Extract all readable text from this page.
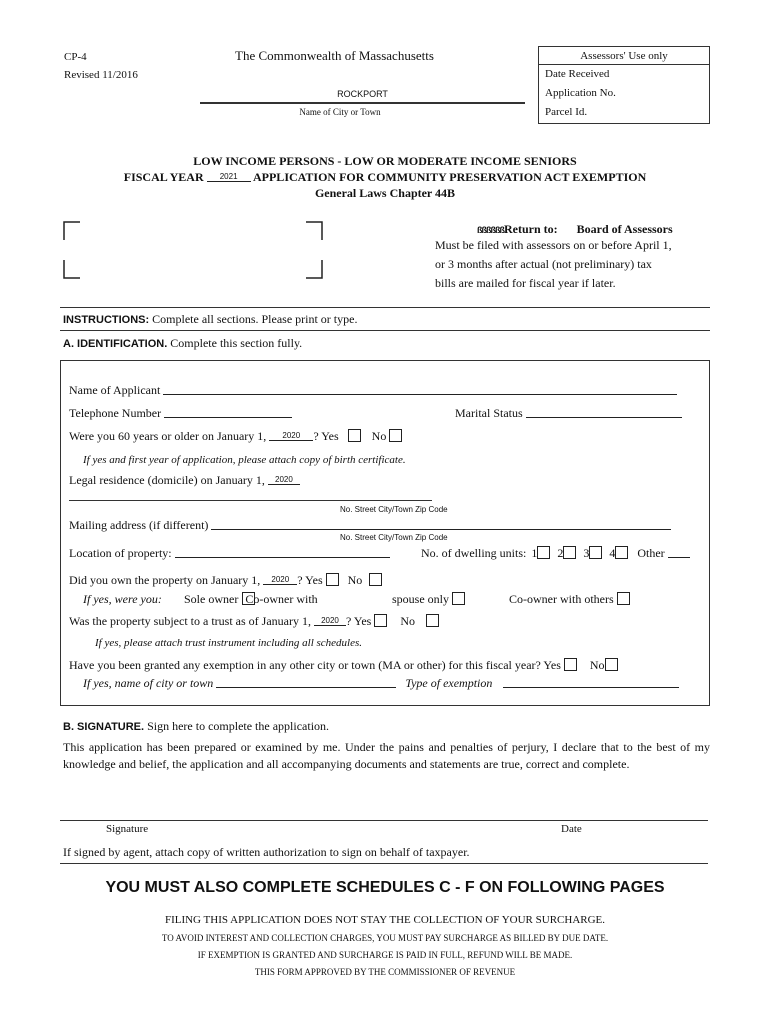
CP-4
Revised 11/2016
The Commonwealth of Massachusetts
ROCKPORT
Name of City or Town
Assessors' Use only
Date Received
Application No.
Parcel Id.
LOW INCOME PERSONS - LOW OR MODERATE INCOME SENIORS
FISCAL YEAR 2021 APPLICATION FOR COMMUNITY PRESERVATION ACT EXEMPTION
General Laws Chapter 44B
ßßßßßßReturn to: Board of Assessors
Must be filed with assessors on or before April 1,
or 3 months after actual (not preliminary) tax
bills are mailed for fiscal year if later.
INSTRUCTIONS: Complete all sections. Please print or type.
A. IDENTIFICATION. Complete this section fully.
Name of Applicant
Telephone Number	Marital Status
Were you 60 years or older on January 1, 2020 ? Yes	No
If yes and first year of application, please attach copy of birth certificate.
Legal residence (domicile) on January 1, 2020
No. Street City/Town Zip Code
Mailing address (if different)
No. Street City/Town Zip Code
Location of property:	No. of dwelling units: 1 2 3 4 Other
Did you own the property on January 1, 2020 ? Yes No
If yes, were you: Sole owner Co-owner with	spouse only	Co-owner with others
Was the property subject to a trust as of January 1, 2020 ? Yes No
If yes, please attach trust instrument including all schedules.
Have you been granted any exemption in any other city or town (MA or other) for this fiscal year? Yes No
If yes, name of city or town	Type of exemption
B. SIGNATURE. Sign here to complete the application.
This application has been prepared or examined by me. Under the pains and penalties of perjury, I declare that to the best of my knowledge and belief, the application and all accompanying documents and statements are true, correct and complete.
Signature	Date
If signed by agent, attach copy of written authorization to sign on behalf of taxpayer.
YOU MUST ALSO COMPLETE SCHEDULES C - F ON FOLLOWING PAGES
FILING THIS APPLICATION DOES NOT STAY THE COLLECTION OF YOUR SURCHARGE.
TO AVOID INTEREST AND COLLECTION CHARGES, YOU MUST PAY SURCHARGE AS BILLED BY DUE DATE.
IF EXEMPTION IS GRANTED AND SURCHARGE IS PAID IN FULL, REFUND WILL BE MADE.
THIS FORM APPROVED BY THE COMMISSIONER OF REVENUE
